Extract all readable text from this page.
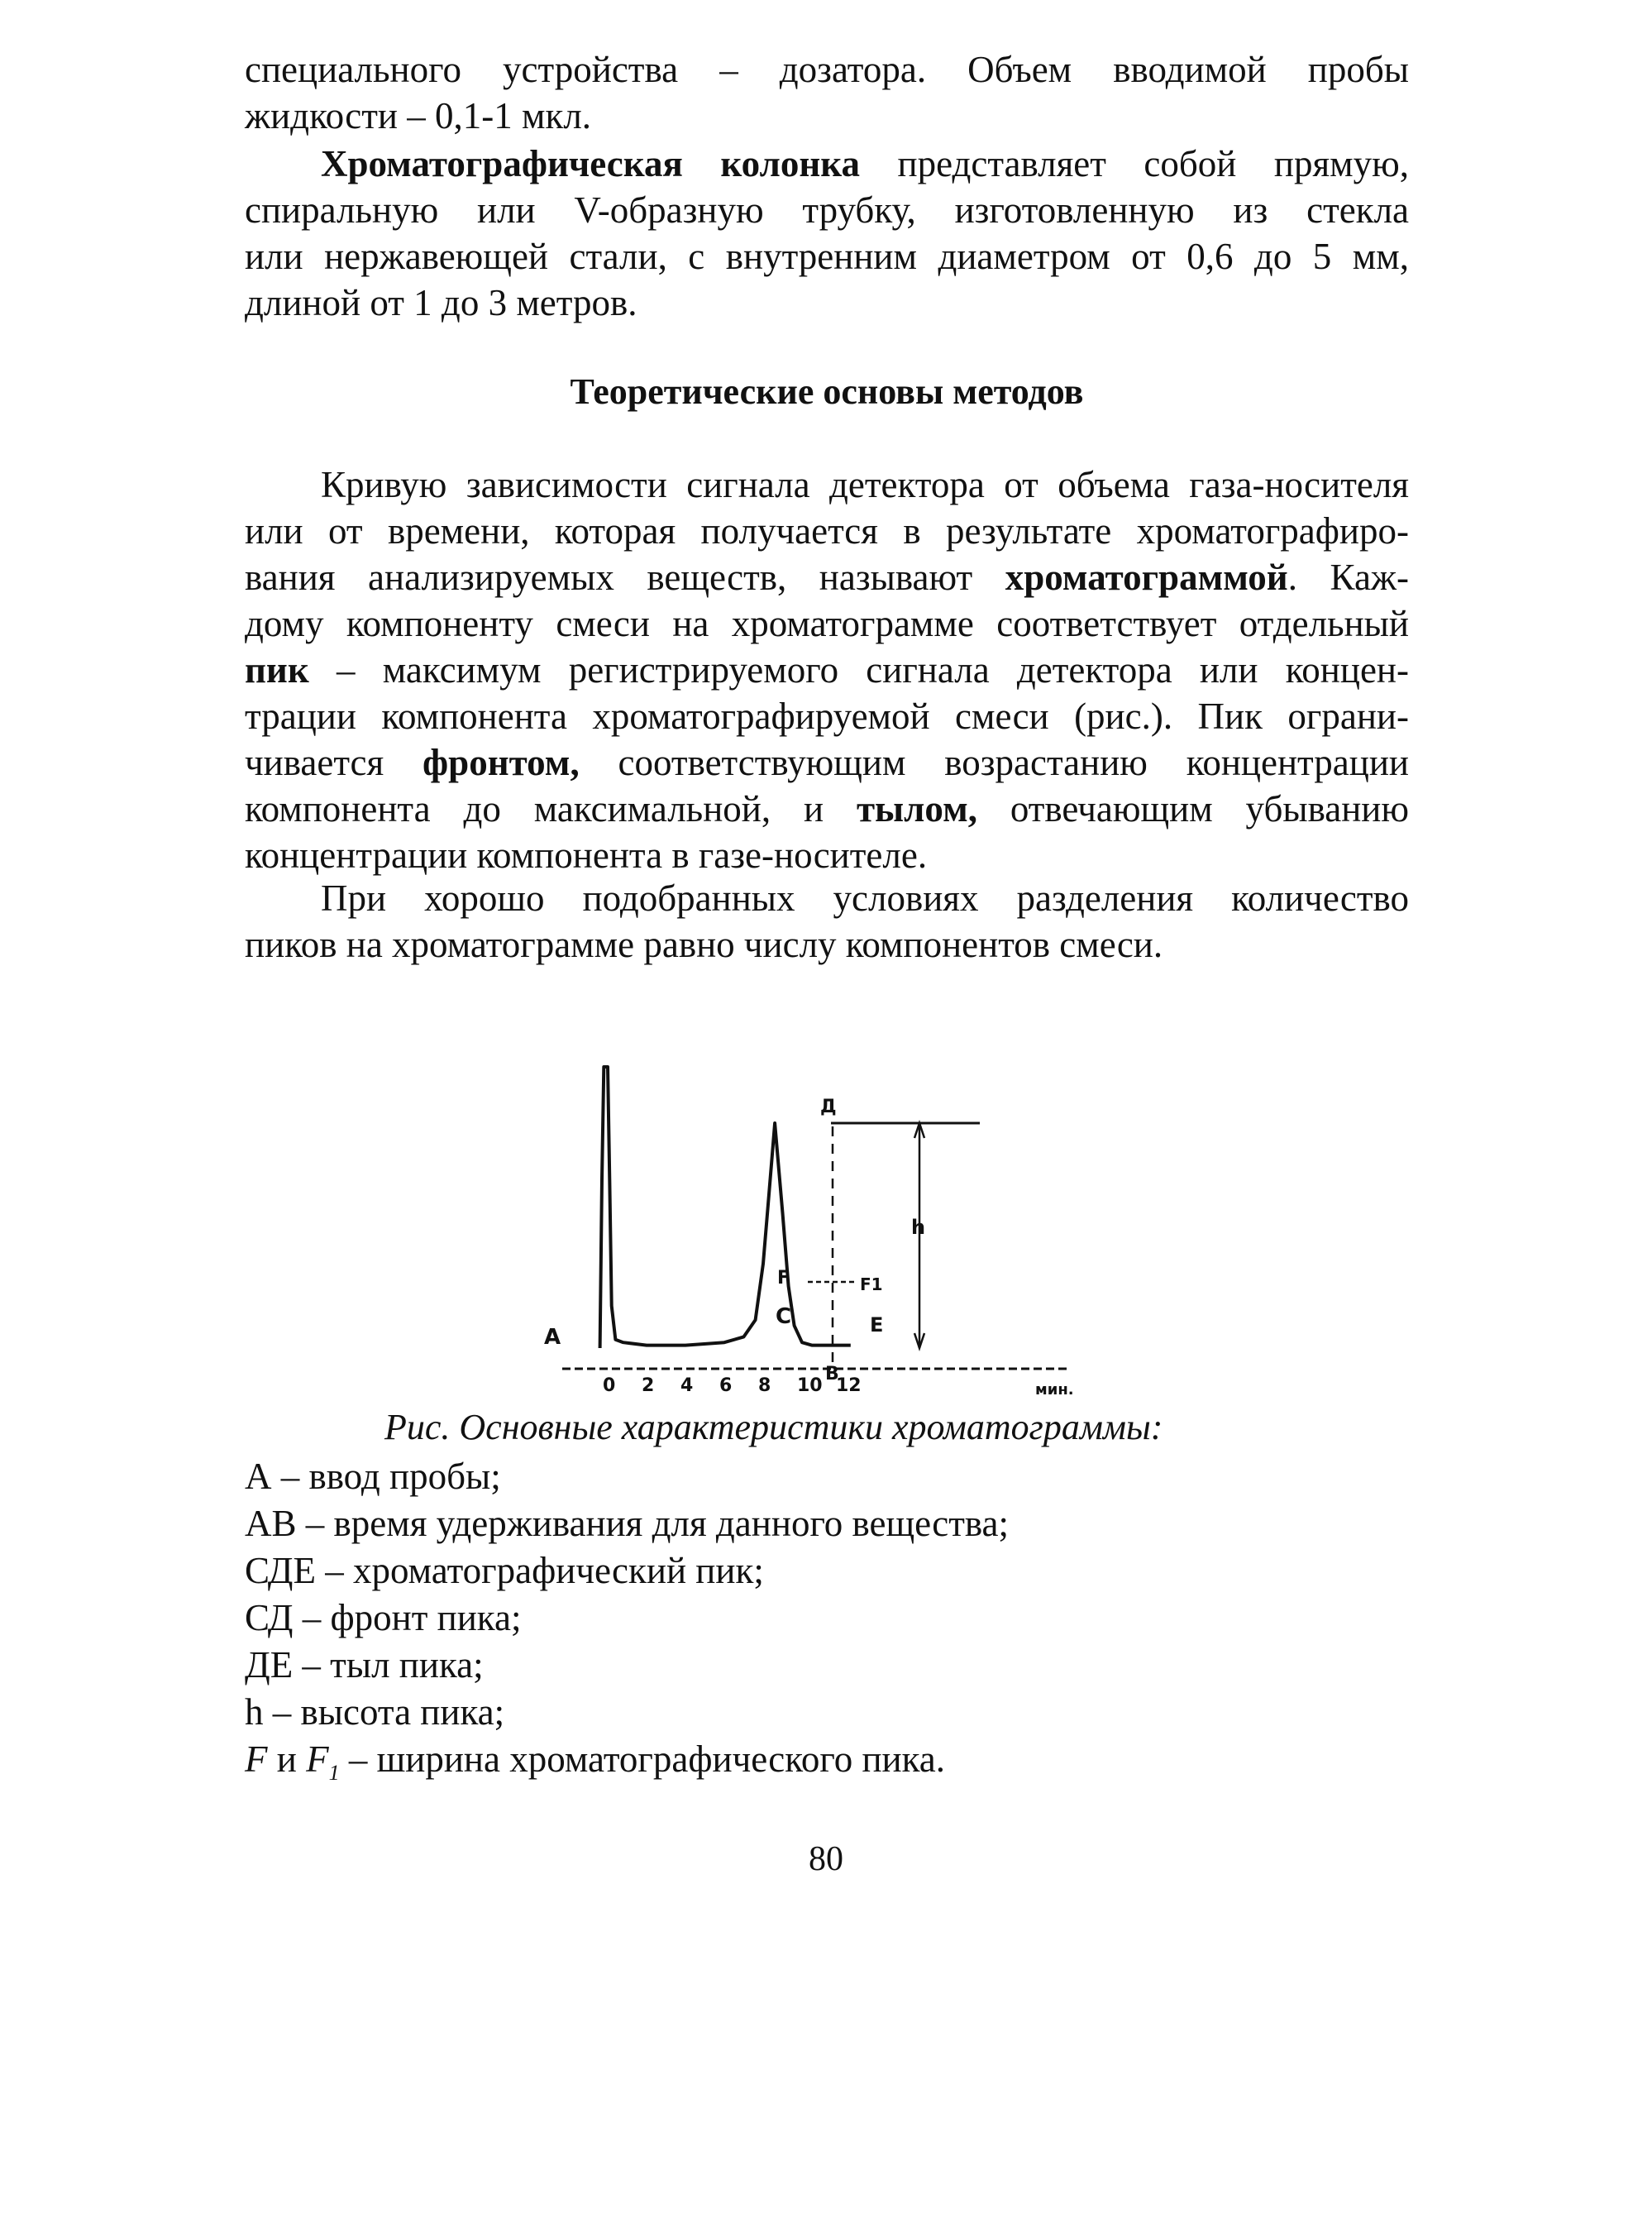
специального устройства – дозатора. Объем вводимой пробы
жидкости – 0,1-1 мкл.

Хроматографическая колонка представляет собой прямую,
спиральную или V-образную трубку, изготовленную из стекла
или нержавеющей стали, с внутренним диаметром от 0,6 до 5 мм,
длиной от 1 до 3 метров.

Теоретические основы методов

Кривую зависимости сигнала детектора от объема газа-носителя
или от времени, которая получается в результате хроматографиро-
вания анализируемых веществ, называют хроматограммой. Каж-
дому компоненту смеси на хроматограмме соответствует отдельный
пик – максимум регистрируемого сигнала детектора или концен-
трации компонента хроматографируемой смеси (рис.). Пик ограни-
чивается фронтом, соответствующим возрастанию концентрации
компонента до максимальной, и тылом, отвечающим убыванию
концентрации компонента в газе-носителе.

При хорошо подобранных условиях разделения количество
пиков на хроматограмме равно числу компонентов смеси.

0 2 4 6 8 10 12	мин.
А
Д
С	Е
F	F1
h
В

Рис. Основные характеристики хроматограммы:

А – ввод пробы;
АВ – время удерживания для данного вещества;
СДЕ – хроматографический пик;
СД – фронт пика;
ДЕ – тыл пика;
h – высота пика;
F и $F_1$ – ширина хроматографического пика.

80
